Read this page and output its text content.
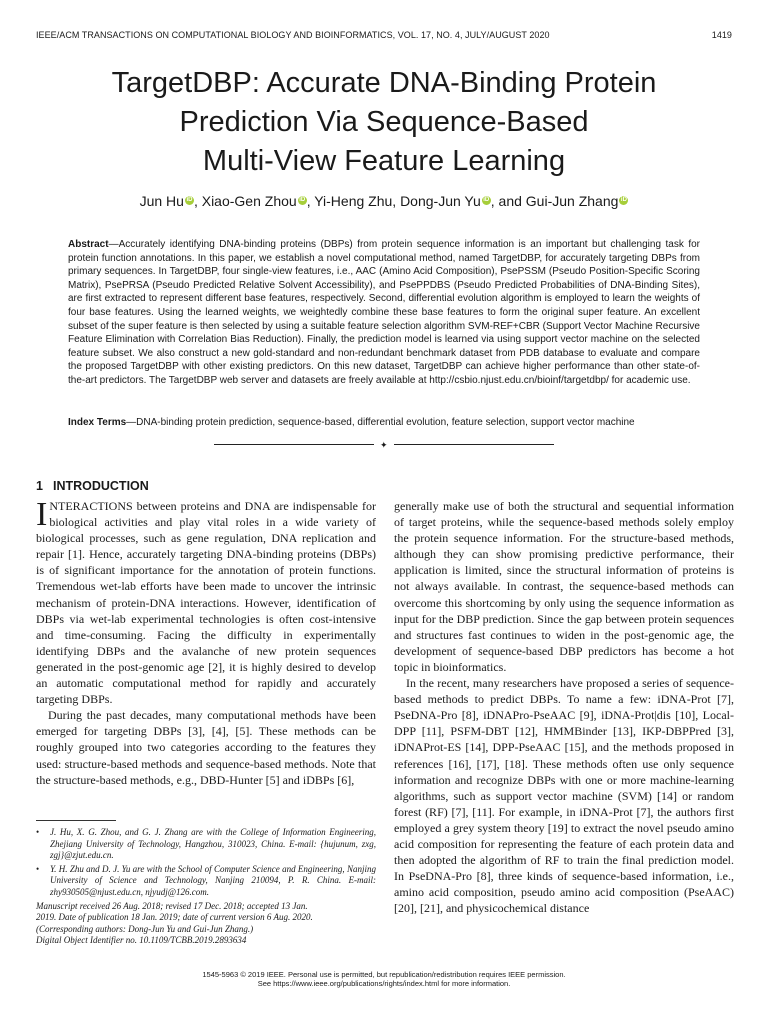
IEEE/ACM TRANSACTIONS ON COMPUTATIONAL BIOLOGY AND BIOINFORMATICS, VOL. 17, NO. 4, JULY/AUGUST 2020	1419
TargetDBP: Accurate DNA-Binding Protein
Prediction Via Sequence-Based
Multi-View Feature Learning
Jun Hu iD , Xiao-Gen Zhou iD , Yi-Heng Zhu, Dong-Jun Yu iD , and Gui-Jun Zhang iD
Abstract—Accurately identifying DNA-binding proteins (DBPs) from protein sequence information is an important but challenging task for protein function annotations. In this paper, we establish a novel computational method, named TargetDBP, for accurately targeting DBPs from primary sequences. In TargetDBP, four single-view features, i.e., AAC (Amino Acid Composition), PsePSSM (Pseudo Position-Specific Scoring Matrix), PsePRSA (Pseudo Predicted Relative Solvent Accessibility), and PsePPDBS (Pseudo Predicted Probabilities of DNA-Binding Sites), are first extracted to represent different base features, respectively. Second, differential evolution algorithm is employed to learn the weights of four base features. Using the learned weights, we weightedly combine these base features to form the original super feature. An excellent subset of the super feature is then selected by using a suitable feature selection algorithm SVM-REF+CBR (Support Vector Machine Recursive Feature Elimination with Correlation Bias Reduction). Finally, the prediction model is learned via using support vector machine on the selected feature subset. We also construct a new gold-standard and non-redundant benchmark dataset from PDB database to evaluate and compare the proposed TargetDBP with other existing predictors. On this new dataset, TargetDBP can achieve higher performance than other state-of-the-art predictors. The TargetDBP web server and datasets are freely available at http://csbio.njust.edu.cn/bioinf/targetdbp/ for academic use.
Index Terms—DNA-binding protein prediction, sequence-based, differential evolution, feature selection, support vector machine
✦
1 INTRODUCTION

INTERACTIONS between proteins and DNA are indispensable for biological activities and play vital roles in a wide variety of biological processes, such as gene regulation, DNA replication and repair [1]. Hence, accurately targeting DNA-binding proteins (DBPs) is of significant importance for the annotation of protein functions. Tremendous wet-lab efforts have been made to uncover the intrinsic mechanism of protein-DNA interactions. However, identification of DBPs via wet-lab experimental technologies is often cost-intensive and time-consuming. Facing the difficulty in experimentally identifying DBPs and the avalanche of new protein sequences generated in the post-genomic age [2], it is highly desired to develop an automatic computational method for rapidly and accurately targeting DBPs.

During the past decades, many computational methods have been emerged for targeting DBPs [3], [4], [5]. These methods can be roughly grouped into two categories according to the features they used: structure-based methods and sequence-based methods. Note that the structure-based methods, e.g., DBD-Hunter [5] and iDBPs [6],

generally make use of both the structural and sequential information of target proteins, while the sequence-based methods solely employ the protein sequence information. For the structure-based methods, although they can show promising predictive performance, their application is limited, since the structural information of proteins is not always available. In contrast, the sequence-based methods can overcome this shortcoming by only using the sequence information as input for the DBP prediction. Since the gap between protein sequences and structures fast continues to widen in the post-genomic age, the development of sequence-based DBP predictors has become a hot topic in bioinformatics.

In the recent, many researchers have proposed a series of sequence-based methods to predict DBPs. To name a few: iDNA-Prot [7], PseDNA-Pro [8], iDNAPro-PseAAC [9], iDNA-Prot|dis [10], Local-DPP [11], PSFM-DBT [12], HMMBinder [13], IKP-DBPPred [3], iDNAProt-ES [14], DPP-PseAAC [15], and the methods proposed in references [16], [17], [18]. These methods often use only sequence information and recognize DBPs with one or more machine-learning algorithms, such as support vector machine (SVM) [14] or random forest (RF) [7], [11]. For example, in iDNA-Prot [7], the authors first employed a grey system theory [19] to extract the novel pseudo amino acid composition for representing the feature of each protein data and then adopted the algorithm of RF to train the final prediction model. In PseDNA-Pro [8], three kinds of sequence-based information, i.e., amino acid composition, pseudo amino acid composition (PseAAC) [20], [21], and physicochemical distance

• J. Hu, X. G. Zhou, and G. J. Zhang are with the College of Information Engineering, Zhejiang University of Technology, Hangzhou, 310023, China. E-mail: {hujunum, zxg, zgj}@zjut.edu.cn.

• Y. H. Zhu and D. J. Yu are with the School of Computer Science and Engineering, Nanjing University of Science and Technology, Nanjing 210094, P. R. China. E-mail: zhy930505@njust.edu.cn, njyudj@126.com.

Manuscript received 26 Aug. 2018; revised 17 Dec. 2018; accepted 13 Jan.
2019. Date of publication 18 Jan. 2019; date of current version 6 Aug. 2020.
(Corresponding authors: Dong-Jun Yu and Gui-Jun Zhang.)
Digital Object Identifier no. 10.1109/TCBB.2019.2893634
1545-5963 © 2019 IEEE. Personal use is permitted, but republication/redistribution requires IEEE permission.
See https://www.ieee.org/publications/rights/index.html for more information.
